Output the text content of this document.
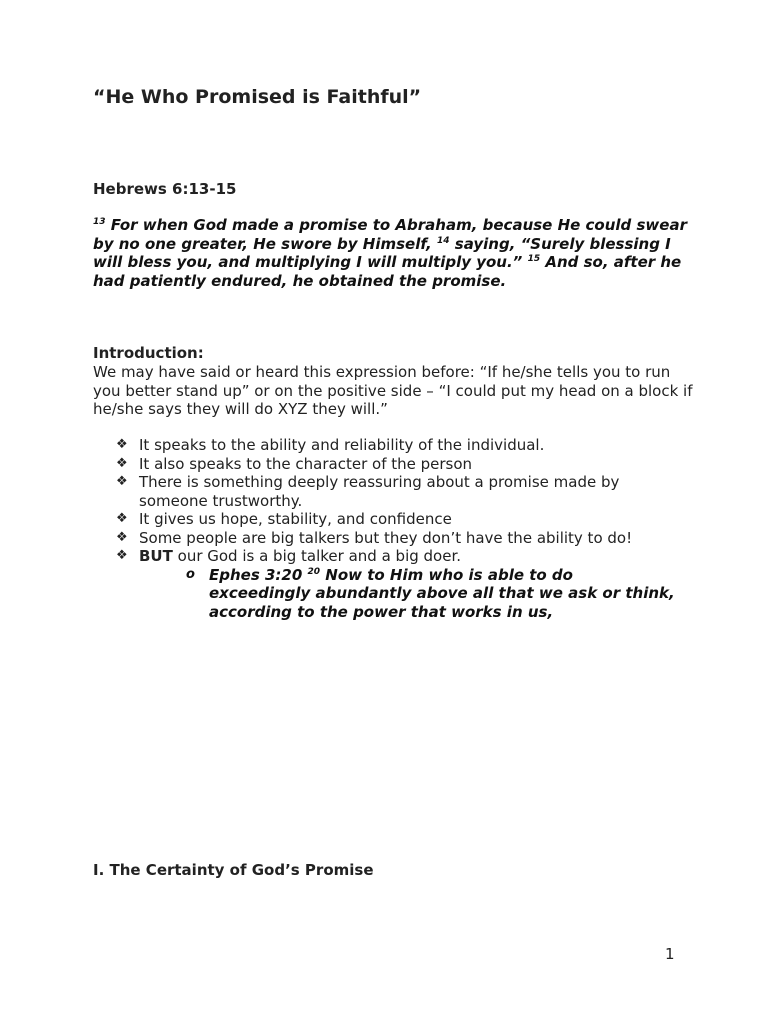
“He Who Promised is Faithful”

Hebrews 6:13-15

$^{13}$ For when God made a promise to Abraham, because He could swear by no one greater, He swore by Himself, $^{14}$ saying, “Surely blessing I will bless you, and multiplying I will multiply you.” $^{15}$ And so, after he had patiently endured, he obtained the promise.

Introduction:

We may have said or heard this expression before: “If he/she tells you to run you better stand up” or on the positive side – “I could put my head on a block if he/she says they will do XYZ they will.”

❖ It speaks to the ability and reliability of the individual.
❖ It also speaks to the character of the person
❖ There is something deeply reassuring about a promise made by someone trustworthy.
❖ It gives us hope, stability, and confidence
❖ Some people are big talkers but they don’t have the ability to do!
❖ BUT our God is a big talker and a big doer.
o Ephes 3:20 $^{20}$ Now to Him who is able to do exceedingly abundantly above all that we ask or think, according to the power that works in us,

I. The Certainty of God’s Promise

1
